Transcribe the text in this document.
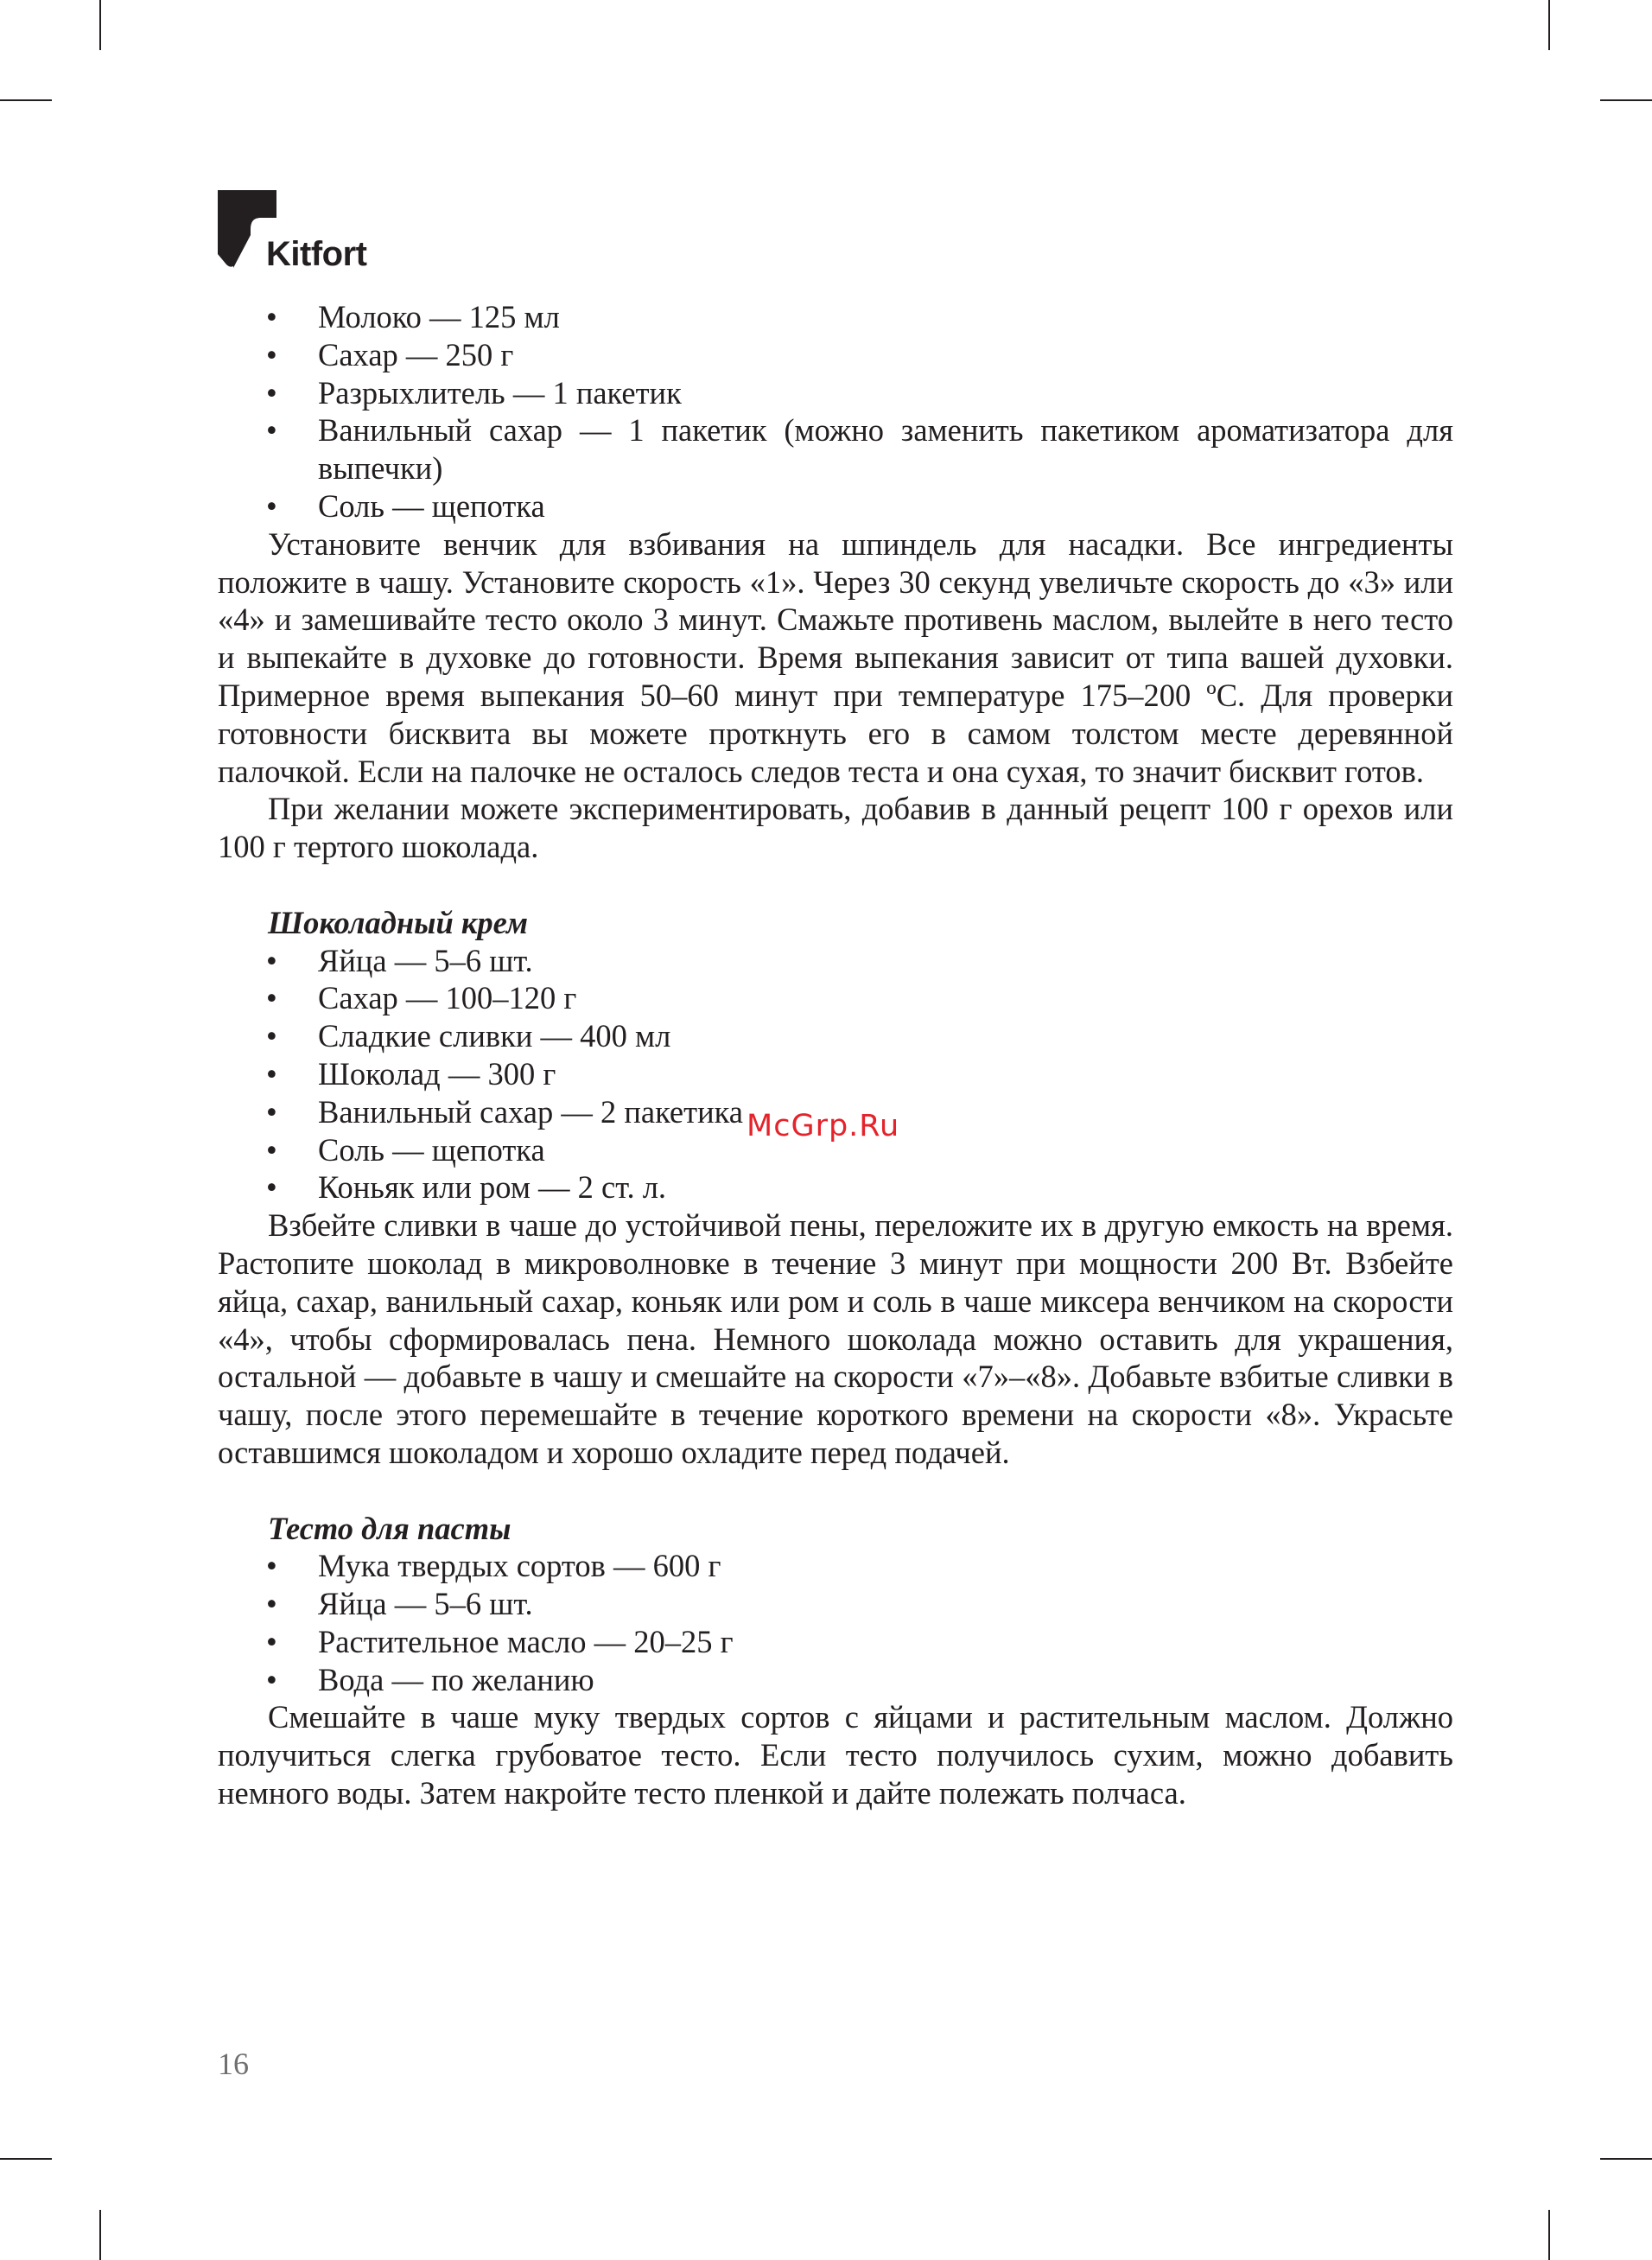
Kitfort
• Молоко — 125 мл
• Сахар — 250 г
• Разрыхлитель — 1 пакетик
• Ванильный сахар — 1 пакетик (можно заменить пакетиком ароматизатора для выпечки)
• Соль — щепотка

Установите венчик для взбивания на шпиндель для насадки. Все ингредиенты положите в чашу. Установите скорость «1». Через 30 секунд увеличьте скорость до «3» или «4» и замешивайте тесто около 3 минут. Смажьте противень маслом, вылейте в него тесто и выпекайте в духовке до готовности. Время выпекания зависит от типа вашей духовки. Примерное время выпекания 50–60 минут при температуре 175–200 ºС. Для проверки готовности бисквита вы можете проткнуть его в самом толстом месте деревянной палочкой. Если на палочке не осталось следов теста и она сухая, то значит бисквит готов.

При желании можете экспериментировать, добавив в данный рецепт 100 г орехов или 100 г тертого шоколада.

Шоколадный крем
• Яйца — 5–6 шт.
• Сахар — 100–120 г
• Сладкие сливки — 400 мл
• Шоколад — 300 г
• Ванильный сахар — 2 пакетика
• Соль — щепотка
• Коньяк или ром — 2 ст. л.

Взбейте сливки в чаше до устойчивой пены, переложите их в другую емкость на время. Растопите шоколад в микроволновке в течение 3 минут при мощности 200 Вт. Взбейте яйца, сахар, ванильный сахар, коньяк или ром и соль в чаше миксера венчиком на скорости «4», чтобы сформировалась пена. Немного шоколада можно оставить для украшения, остальной — добавьте в чашу и смешайте на скорости «7»–«8». Добавьте взбитые сливки в чашу, после этого перемешайте в течение короткого времени на скорости «8». Украсьте оставшимся шоколадом и хорошо охладите перед подачей.

Тесто для пасты
• Мука твердых сортов — 600 г
• Яйца — 5–6 шт.
• Растительное масло — 20–25 г
• Вода — по желанию

Смешайте в чаше муку твердых сортов с яйцами и растительным маслом. Должно получиться слегка грубоватое тесто. Если тесто получилось сухим, можно добавить немного воды. Затем накройте тесто пленкой и дайте полежать полчаса.

McGrp.Ru
16
